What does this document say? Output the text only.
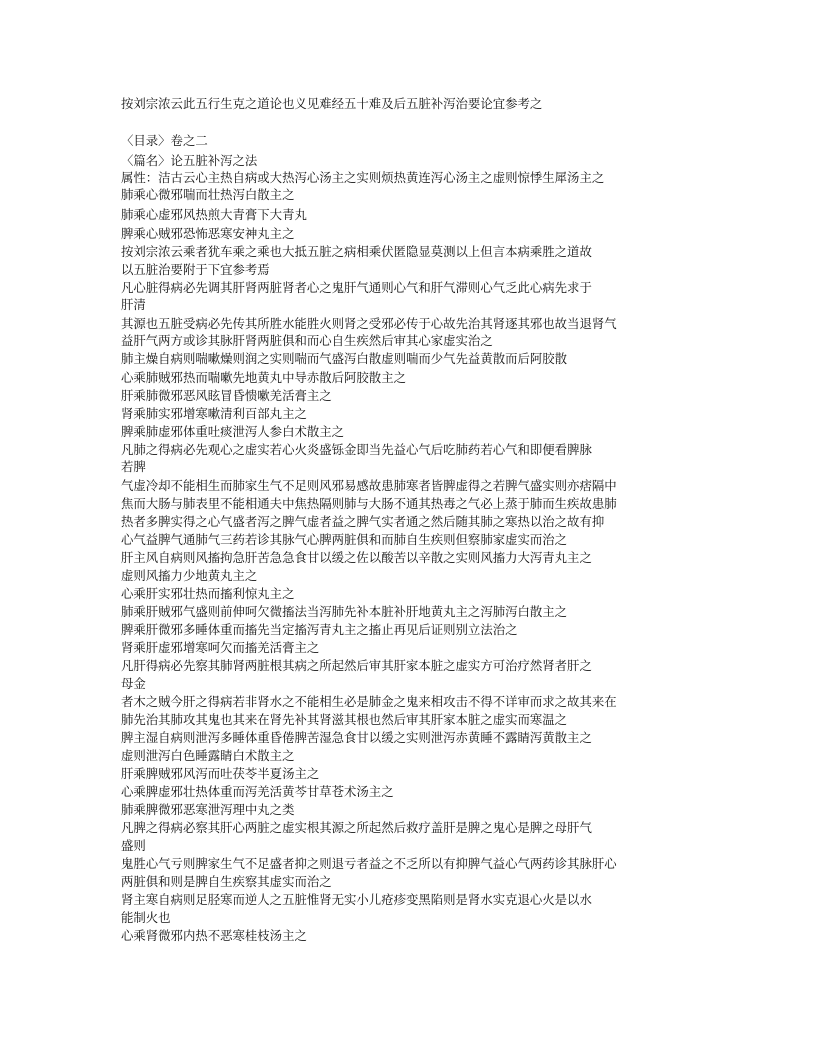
按刘宗浓云此五行生克之道论也义见难经五十难及后五脏补泻治要论宜参考之
〈目录〉卷之二
〈篇名〉论五脏补泻之法
属性：洁古云心主热自病或大热泻心汤主之实则烦热黄连泻心汤主之虚则惊悸生犀汤主之
肺乘心微邪喘而壮热泻白散主之
肺乘心虚邪风热煎大青膏下大青丸
脾乘心贼邪恐怖恶寒安神丸主之
按刘宗浓云乘者犹车乘之乘也大抵五脏之病相乘伏匿隐显莫测以上但言本病乘胜之道故
以五脏治要附于下宜参考焉
凡心脏得病必先调其肝肾两脏肾者心之鬼肝气通则心气和肝气滞则心气乏此心病先求于
肝清
其源也五脏受病必先传其所胜水能胜火则肾之受邪必传于心故先治其肾逐其邪也故当退肾气
益肝气两方或诊其脉肝肾两脏俱和而心自生疾然后审其心家虚实治之
肺主燥自病则喘嗽燥则润之实则喘而气盛泻白散虚则喘而少气先益黄散而后阿胶散
心乘肺贼邪热而喘嗽先地黄丸中导赤散后阿胶散主之
肝乘肺微邪恶风眩冒昏愦嗽羌活膏主之
肾乘肺实邪增寒嗽清利百部丸主之
脾乘肺虚邪体重吐痰泄泻人参白术散主之
凡肺之得病必先观心之虚实若心火炎盛铄金即当先益心气后吃肺药若心气和即便看脾脉
若脾
气虚冷却不能相生而肺家生气不足则风邪易感故患肺寒者皆脾虚得之若脾气盛实则亦痞隔中
焦而大肠与肺表里不能相通夫中焦热隔则肺与大肠不通其热毒之气必上蒸于肺而生疾故患肺
热者多脾实得之心气盛者泻之脾气虚者益之脾气实者通之然后随其肺之寒热以治之故有抑
心气益脾气通肺气三药若诊其脉气心脾两脏俱和而肺自生疾则但察肺家虚实而治之
肝主风自病则风搐拘急肝苦急急食甘以缓之佐以酸苦以辛散之实则风搐力大泻青丸主之
虚则风搐力少地黄丸主之
心乘肝实邪壮热而搐利惊丸主之
肺乘肝贼邪气盛则前伸呵欠微搐法当泻肺先补本脏补肝地黄丸主之泻肺泻白散主之
脾乘肝微邪多睡体重而搐先当定搐泻青丸主之搐止再见后证则别立法治之
肾乘肝虚邪增寒呵欠而搐羌活膏主之
凡肝得病必先察其肺肾两脏根其病之所起然后审其肝家本脏之虚实方可治疗然肾者肝之
母金
者木之贼今肝之得病若非肾水之不能相生必是肺金之鬼来相攻击不得不详审而求之故其来在
肺先治其肺攻其鬼也其来在肾先补其肾滋其根也然后审其肝家本脏之虚实而寒温之
脾主湿自病则泄泻多睡体重昏倦脾苦湿急食甘以缓之实则泄泻赤黄睡不露睛泻黄散主之
虚则泄泻白色睡露睛白术散主之
肝乘脾贼邪风泻而吐茯苓半夏汤主之
心乘脾虚邪壮热体重而泻羌活黄芩甘草苍术汤主之
肺乘脾微邪恶寒泄泻理中丸之类
凡脾之得病必察其肝心两脏之虚实根其源之所起然后救疗盖肝是脾之鬼心是脾之母肝气
盛则
鬼胜心气亏则脾家生气不足盛者抑之则退亏者益之不乏所以有抑脾气益心气两药诊其脉肝心
两脏俱和则是脾自生疾察其虚实而治之
肾主寒自病则足胫寒而逆人之五脏惟肾无实小儿疮疹变黑陷则是肾水实克退心火是以水
能制火也
心乘肾微邪内热不恶寒桂枝汤主之
